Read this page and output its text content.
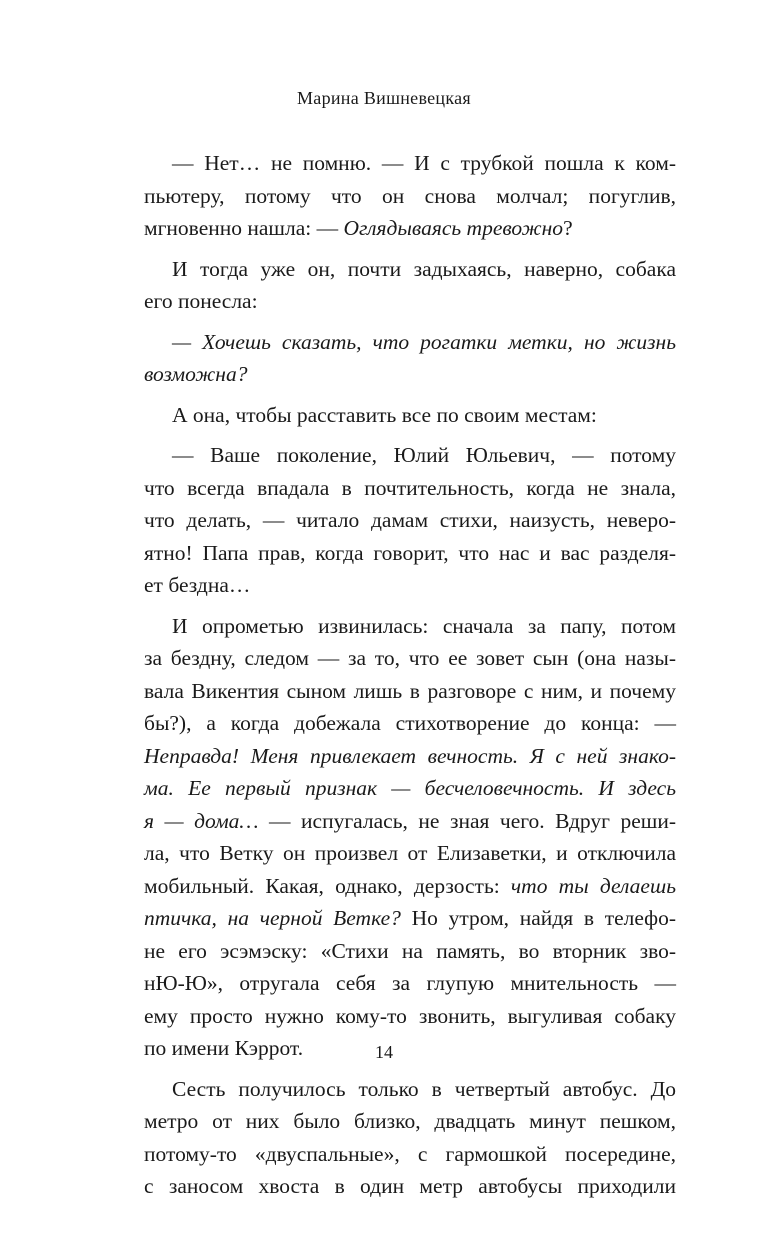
Марина Вишневецкая
— Нет… не помню. — И с трубкой пошла к ком-
пьютеру, потому что он снова молчал; погуглив,
мгновенно нашла: — Оглядываясь тревожно?
И тогда уже он, почти задыхаясь, наверно, собака
его понесла:
— Хочешь сказать, что рогатки метки, но жизнь
возможна?
А она, чтобы расставить все по своим местам:
— Ваше поколение, Юлий Юльевич, — потому
что всегда впадала в почтительность, когда не знала,
что делать, — читало дамам стихи, наизусть, неверо-
ятно! Папа прав, когда говорит, что нас и вас разделя-
ет бездна…
И опрометью извинилась: сначала за папу, потом
за бездну, следом — за то, что ее зовет сын (она назы-
вала Викентия сыном лишь в разговоре с ним, и почему
бы?), а когда добежала стихотворение до конца: —
Неправда! Меня привлекает вечность. Я с ней знако-
ма. Ее первый признак — бесчеловечность. И здесь
я — дома… — испугалась, не зная чего. Вдруг реши-
ла, что Ветку он произвел от Елизаветки, и отключила
мобильный. Какая, однако, дерзость: что ты делаешь
птичка, на черной Ветке? Но утром, найдя в телефо-
не его эсэмэску: «Стихи на память, во вторник зво-
нЮ-Ю», отругала себя за глупую мнительность —
ему просто нужно кому-то звонить, выгуливая собаку
по имени Кэррот.
Сесть получилось только в четвертый автобус. До
метро от них было близко, двадцать минут пешком,
потому-то «двуспальные», с гармошкой посередине,
с заносом хвоста в один метр автобусы приходили
14
